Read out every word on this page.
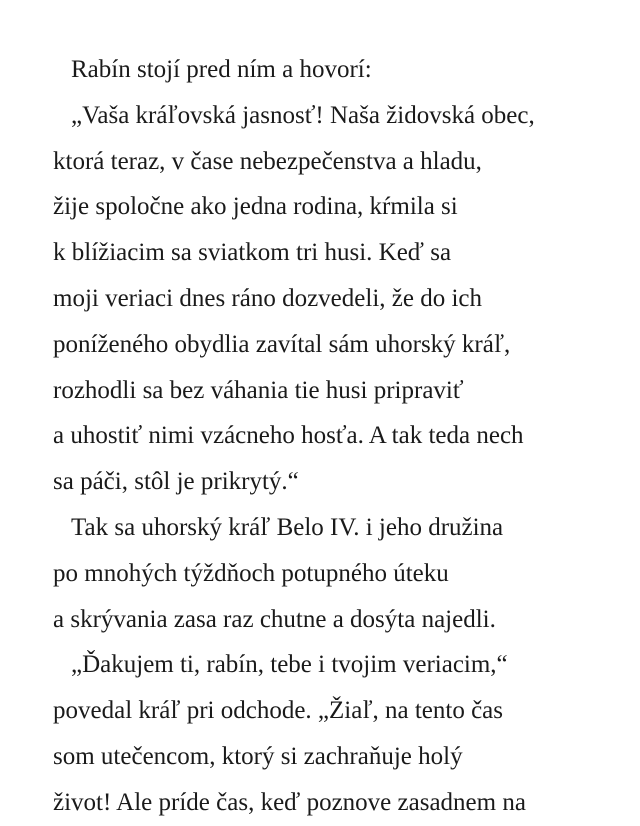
Rabín stojí pred ním a hovorí:
„Vaša kráľovská jasnosť! Naša židovská obec,
ktorá teraz, v čase nebezpečenstva a hladu,
žije spoločne ako jedna rodina, kŕmila si
k blížiacim sa sviatkom tri husi. Keď sa
moji veriaci dnes ráno dozvedeli, že do ich
poníženého obydlia zavítal sám uhorský kráľ,
rozhodli sa bez váhania tie husi pripraviť
a uhostiť nimi vzácneho hosťa. A tak teda nech
sa páči, stôl je prikrytý.“
Tak sa uhorský kráľ Belo IV. i jeho družina
po mnohých týždňoch potupného úteku
a skrývania zasa raz chutne a dosýta najedli.
„Ďakujem ti, rabín, tebe i tvojim veriacim,“
povedal kráľ pri odchode. „Žiaľ, na tento čas
som utečencom, ktorý si zachraňuje holý
život! Ale príde čas, keď poznove zasadnem na
